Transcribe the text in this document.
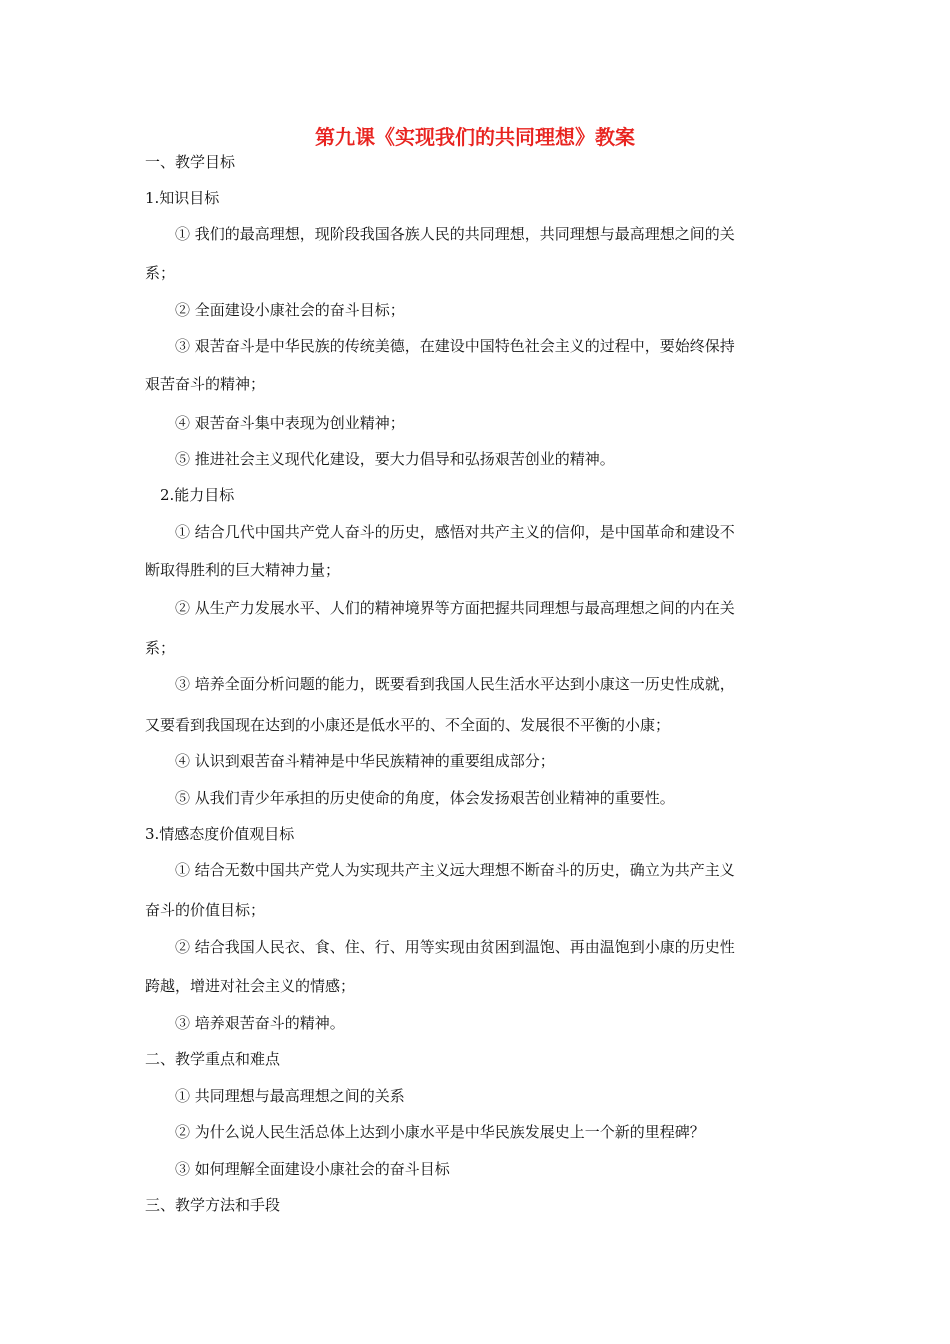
第九课《实现我们的共同理想》教案

一、教学目标

1.知识目标

① 我们的最高理想，现阶段我国各族人民的共同理想，共同理想与最高理想之间的关

系；

② 全面建设小康社会的奋斗目标；

③ 艰苦奋斗是中华民族的传统美德，在建设中国特色社会主义的过程中，要始终保持

艰苦奋斗的精神；

④ 艰苦奋斗集中表现为创业精神；

⑤ 推进社会主义现代化建设，要大力倡导和弘扬艰苦创业的精神。

2.能力目标

① 结合几代中国共产党人奋斗的历史，感悟对共产主义的信仰，是中国革命和建设不

断取得胜利的巨大精神力量；

② 从生产力发展水平、人们的精神境界等方面把握共同理想与最高理想之间的内在关

系；

③ 培养全面分析问题的能力，既要看到我国人民生活水平达到小康这一历史性成就，

又要看到我国现在达到的小康还是低水平的、不全面的、发展很不平衡的小康；

④ 认识到艰苦奋斗精神是中华民族精神的重要组成部分；

⑤ 从我们青少年承担的历史使命的角度，体会发扬艰苦创业精神的重要性。

3.情感态度价值观目标

① 结合无数中国共产党人为实现共产主义远大理想不断奋斗的历史，确立为共产主义

奋斗的价值目标；

② 结合我国人民衣、食、住、行、用等实现由贫困到温饱、再由温饱到小康的历史性

跨越，增进对社会主义的情感；

③ 培养艰苦奋斗的精神。

二、教学重点和难点

① 共同理想与最高理想之间的关系

② 为什么说人民生活总体上达到小康水平是中华民族发展史上一个新的里程碑？

③ 如何理解全面建设小康社会的奋斗目标

三、教学方法和手段
